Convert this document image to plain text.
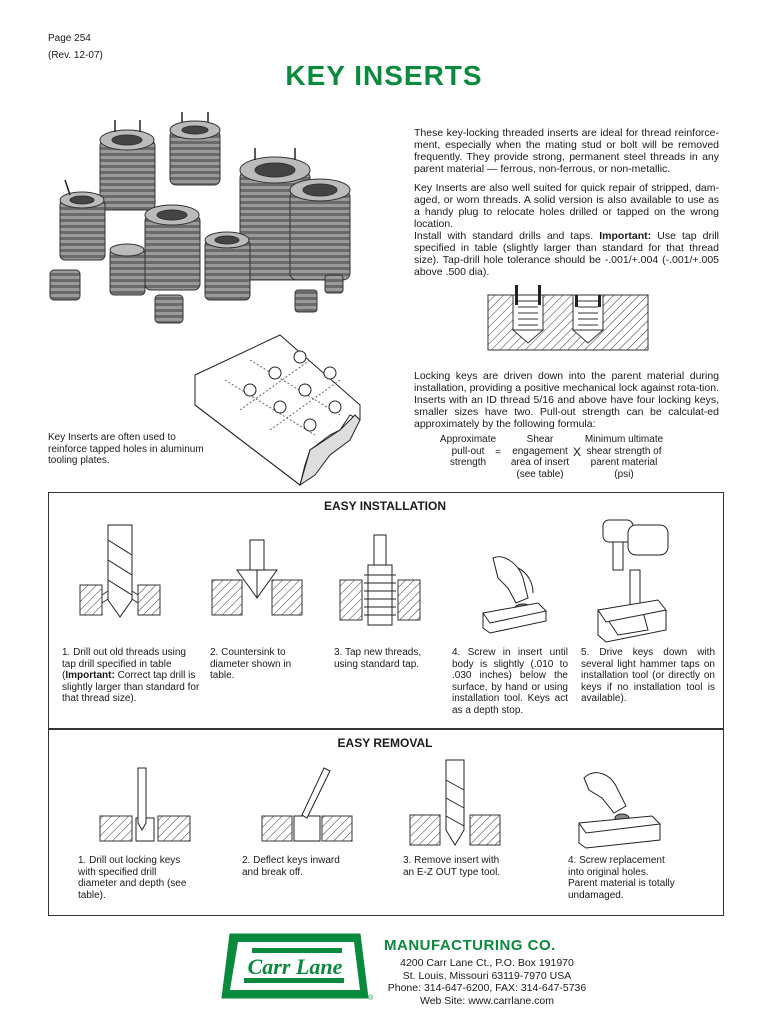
Page 254
(Rev. 12-07)
KEY INSERTS
These key-locking threaded inserts are ideal for thread reinforce-ment, especially when the mating stud or bolt will be removed frequently. They provide strong, permanent steel threads in any parent material — ferrous, non-ferrous, or non-metallic.
Key Inserts are also well suited for quick repair of stripped, dam-aged, or worn threads. A solid version is also available to use as a handy plug to relocate holes drilled or tapped on the wrong location.
Install with standard drills and taps. Important: Use tap drill specified in table (slightly larger than standard for that thread size). Tap-drill hole tolerance should be -.001/+.004 (-.001/+.005 above .500 dia).
Key Inserts are often used to reinforce tapped holes in aluminum tooling plates.
Locking keys are driven down into the parent material during installation, providing a positive mechanical lock against rota-tion. Inserts with an ID thread 5/16 and above have four locking keys, smaller sizes have two. Pull-out strength can be calculat-ed approximately by the following formula:
Approximate pull-out strength
=
Shear engagement area of insert (see table)
X
Minimum ultimate shear strength of parent material (psi)
EASY INSTALLATION
1. Drill out old threads using tap drill specified in table (Important: Correct tap drill is slightly larger than standard for that thread size).
2. Countersink to diameter shown in table.
3. Tap new threads, using standard tap.
4. Screw in insert until body is slightly (.010 to .030 inches) below the surface, by hand or using installation tool. Keys act as a depth stop.
5. Drive keys down with several light hammer taps on installation tool (or directly on keys if no installation tool is available).
EASY REMOVAL
1. Drill out locking keys with specified drill diameter and depth (see table).
2. Deflect keys inward and break off.
3. Remove insert with an E-Z OUT type tool.
4. Screw replacement into original holes. Parent material is totally undamaged.
Carr Lane
®
MANUFACTURING CO.
4200 Carr Lane Ct., P.O. Box 191970
St. Louis, Missouri 63119-7970 USA
Phone: 314-647-6200, FAX: 314-647-5736
Web Site: www.carrlane.com
